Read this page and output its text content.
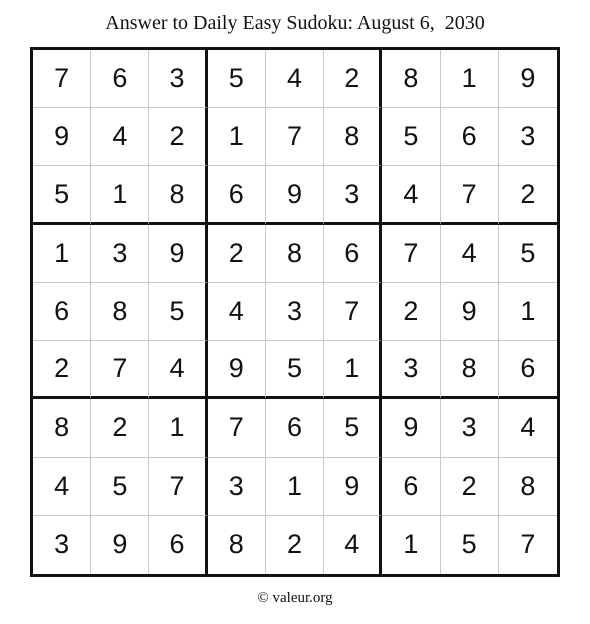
Answer to Daily Easy Sudoku: August 6,  2030
7	6	3	5	4	2	8	1	9
9	4	2	1	7	8	5	6	3
5	1	8	6	9	3	4	7	2
1	3	9	2	8	6	7	4	5
6	8	5	4	3	7	2	9	1
2	7	4	9	5	1	3	8	6
8	2	1	7	6	5	9	3	4
4	5	7	3	1	9	6	2	8
3	9	6	8	2	4	1	5	7
© valeur.org
